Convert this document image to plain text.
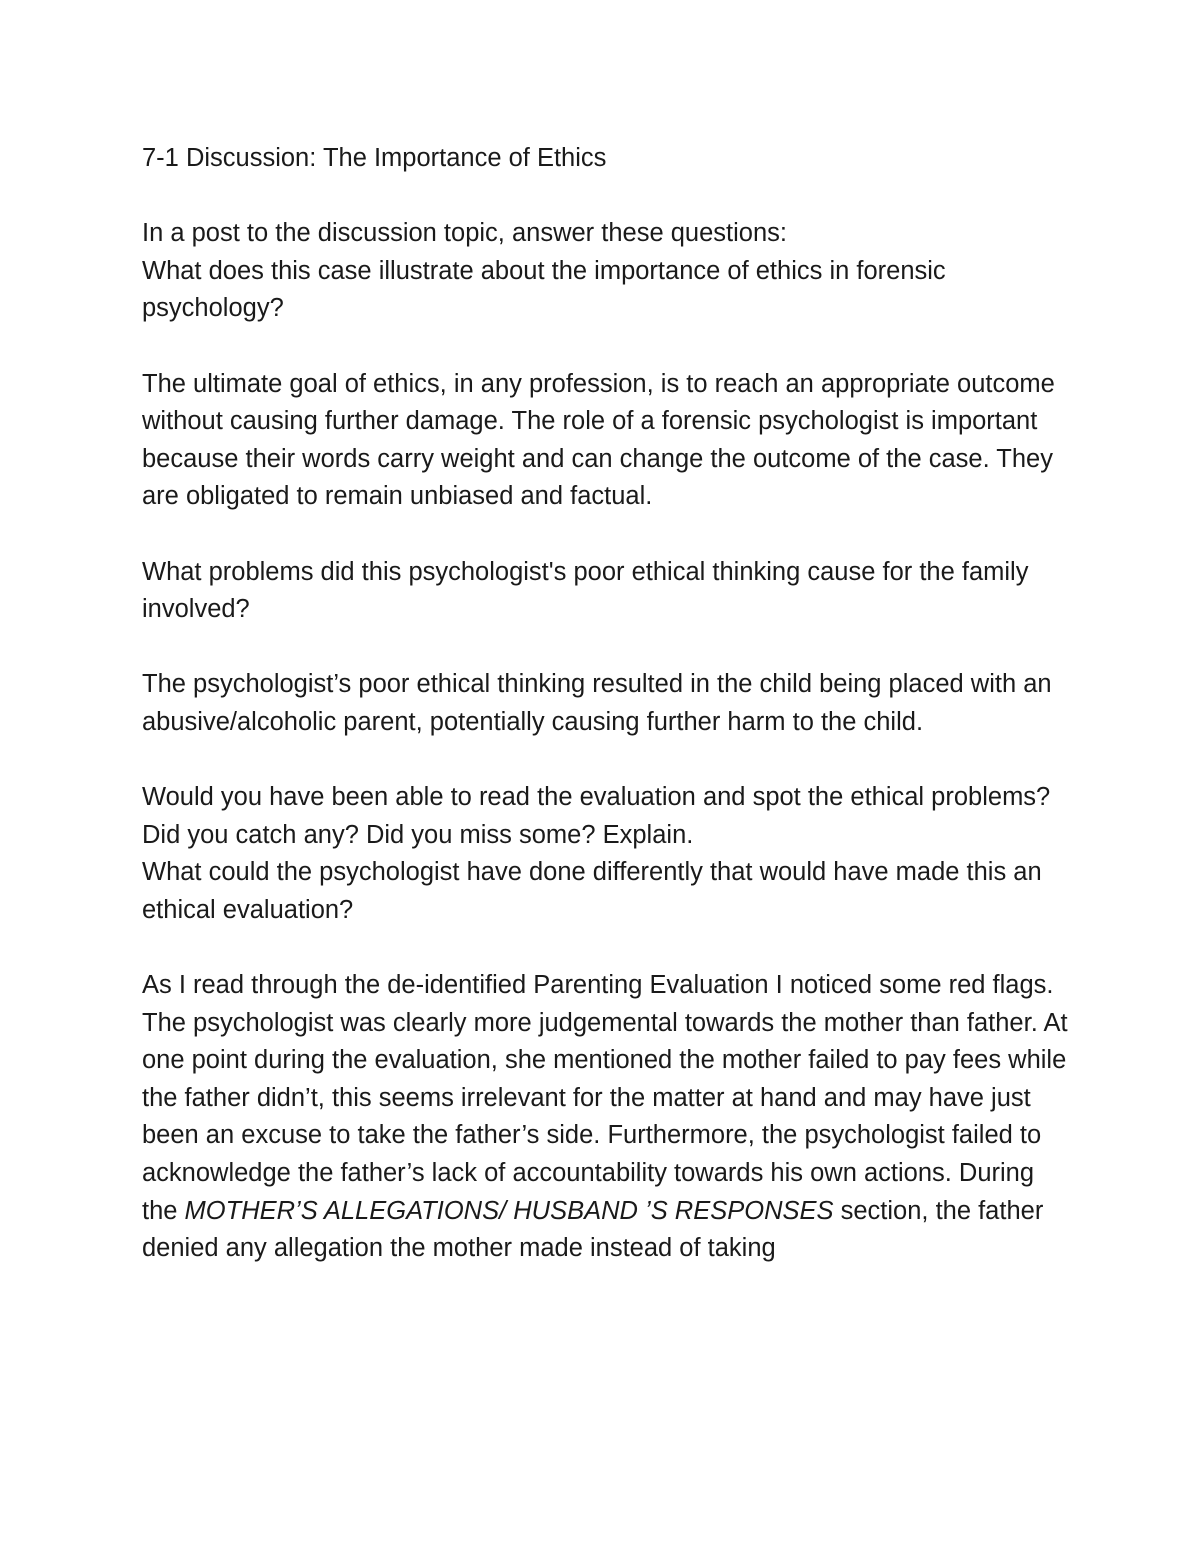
7-1 Discussion: The Importance of Ethics

In a post to the discussion topic, answer these questions:

What does this case illustrate about the importance of ethics in forensic psychology?

The ultimate goal of ethics, in any profession, is to reach an appropriate outcome without causing further damage. The role of a forensic psychologist is important because their words carry weight and can change the outcome of the case. They are obligated to remain unbiased and factual.

What problems did this psychologist's poor ethical thinking cause for the family involved?

The psychologist’s poor ethical thinking resulted in the child being placed with an abusive/alcoholic parent, potentially causing further harm to the child.

Would you have been able to read the evaluation and spot the ethical problems? Did you catch any? Did you miss some? Explain.

What could the psychologist have done differently that would have made this an ethical evaluation?

As I read through the de-identified Parenting Evaluation I noticed some red flags. The psychologist was clearly more judgemental towards the mother than father. At one point during the evaluation, she mentioned the mother failed to pay fees while the father didn’t, this seems irrelevant for the matter at hand and may have just been an excuse to take the father’s side. Furthermore, the psychologist failed to acknowledge the father’s lack of accountability towards his own actions. During the MOTHER’S ALLEGATIONS/ HUSBAND ’S RESPONSES section, the father denied any allegation the mother made instead of taking
